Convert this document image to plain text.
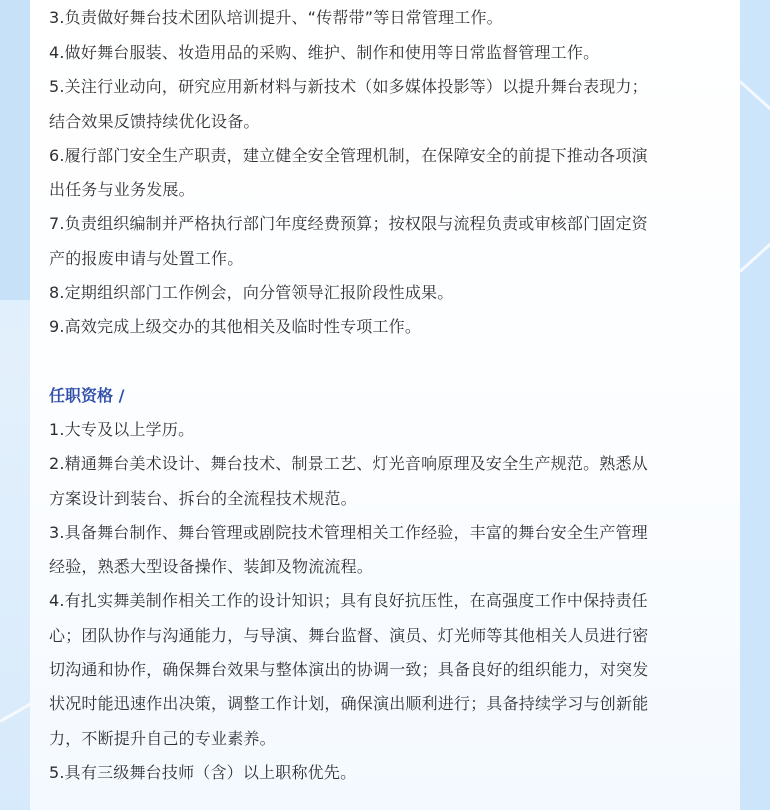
3.负责做好舞台技术团队培训提升、“传帮带”等日常管理工作。
4.做好舞台服装、妆造用品的采购、维护、制作和使用等日常监督管理工作。
5.关注行业动向，研究应用新材料与新技术（如多媒体投影等）以提升舞台表现力；
结合效果反馈持续优化设备。
6.履行部门安全生产职责，建立健全安全管理机制，在保障安全的前提下推动各项演
出任务与业务发展。
7.负责组织编制并严格执行部门年度经费预算；按权限与流程负责或审核部门固定资
产的报废申请与处置工作。
8.定期组织部门工作例会，向分管领导汇报阶段性成果。
9.高效完成上级交办的其他相关及临时性专项工作。
任职资格 /
1.大专及以上学历。
2.精通舞台美术设计、舞台技术、制景工艺、灯光音响原理及安全生产规范。熟悉从
方案设计到装台、拆台的全流程技术规范。
3.具备舞台制作、舞台管理或剧院技术管理相关工作经验，丰富的舞台安全生产管理
经验，熟悉大型设备操作、装卸及物流流程。
4.有扎实舞美制作相关工作的设计知识；具有良好抗压性，在高强度工作中保持责任
心；团队协作与沟通能力，与导演、舞台监督、演员、灯光师等其他相关人员进行密
切沟通和协作，确保舞台效果与整体演出的协调一致；具备良好的组织能力，对突发
状况时能迅速作出决策，调整工作计划，确保演出顺利进行；具备持续学习与创新能
力，不断提升自己的专业素养。
5.具有三级舞台技师（含）以上职称优先。
